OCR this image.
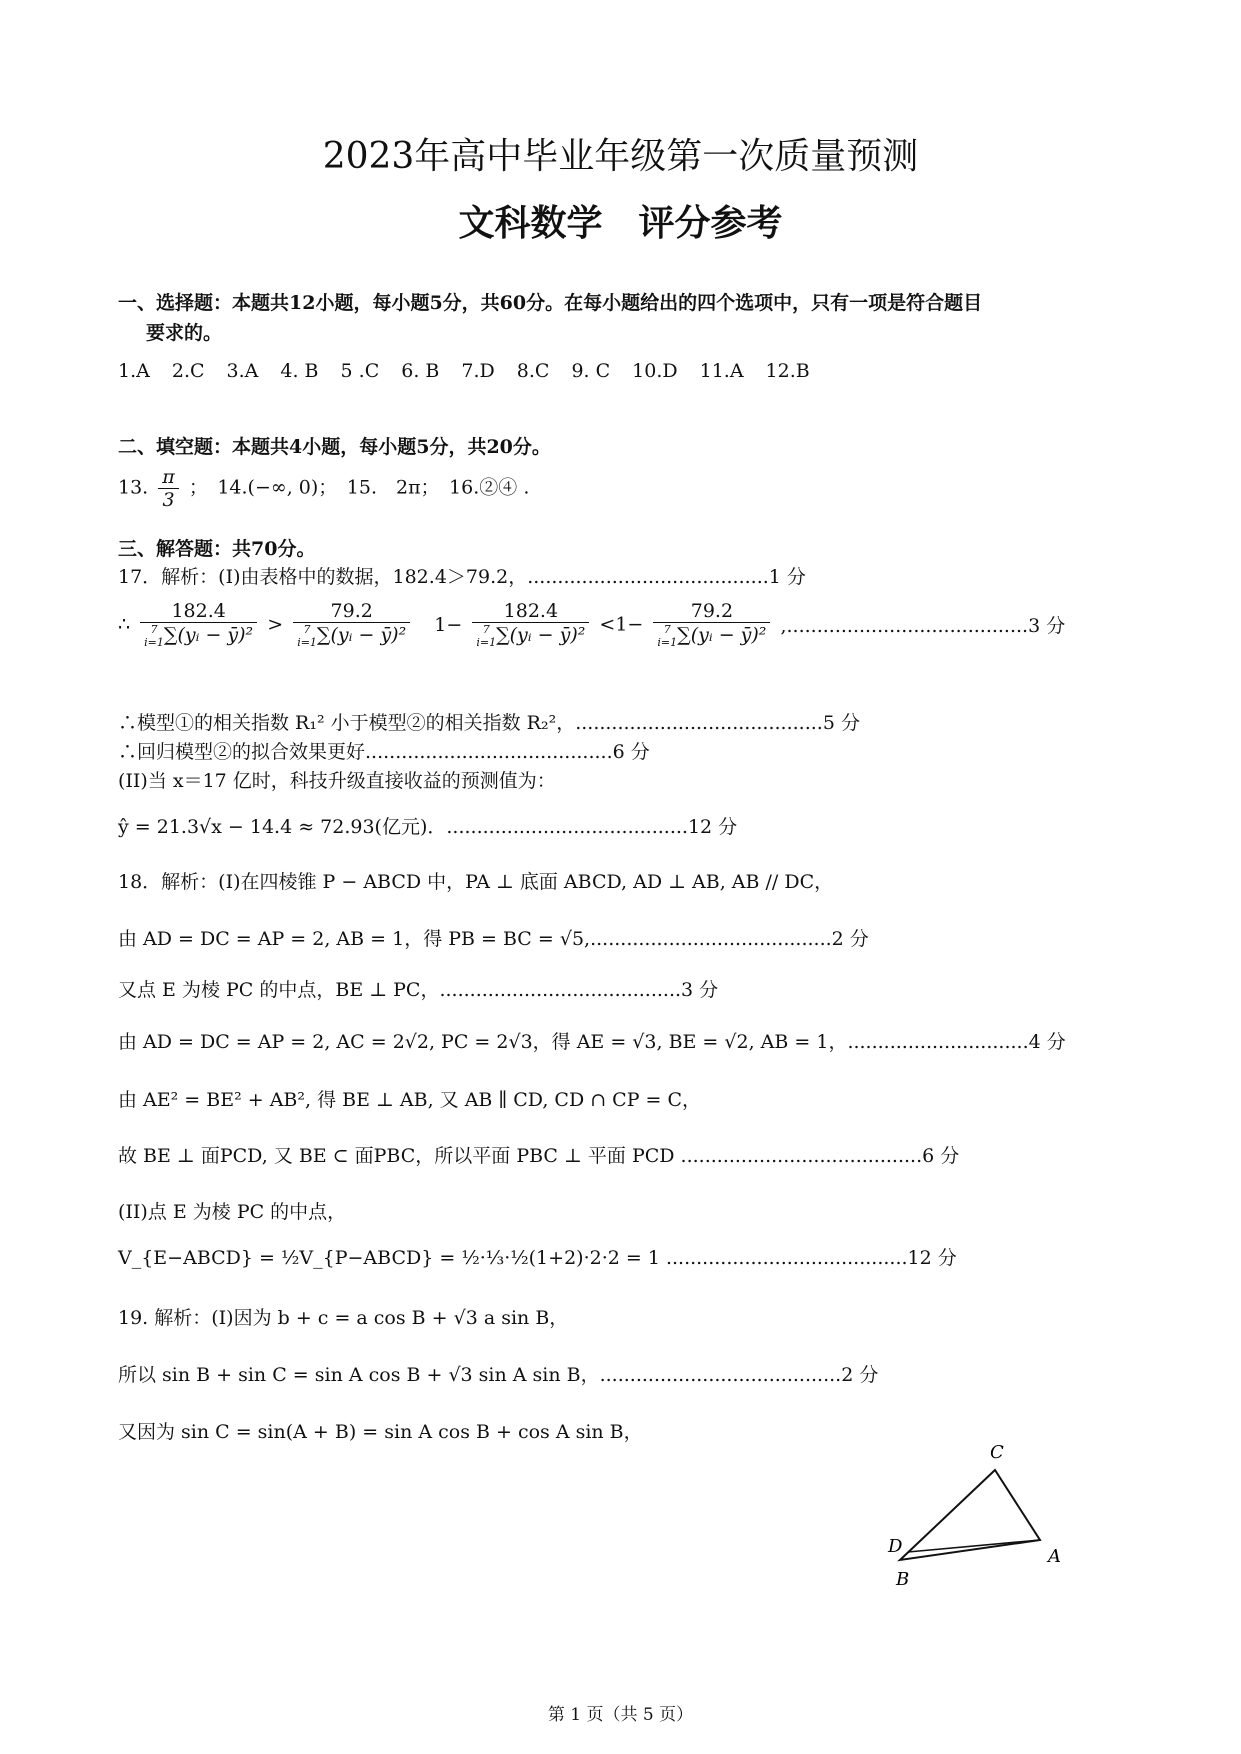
2023年高中毕业年级第一次质量预测
文科数学　评分参考
一、选择题：本题共12小题，每小题5分，共60分。在每小题给出的四个选项中，只有一项是符合题目
要求的。
1.A 2.C 3.A 4. B 5 .C 6. B 7.D 8.C 9. C 10.D 11.A 12.B
二、填空题：本题共4小题，每小题5分，共20分。
13. $\frac{\pi}{3}$ ；　14.(−∞, 0)；　15.　2π；　16.②④ .
三、解答题：共70分。
17．解析：(I)由表格中的数据，182.4＞79.2，........................................1 分
∴ 182.4
7
i=1 ∑(yᵢ − ȳ)² > 79.2
7
i=1 ∑(yᵢ − ȳ)² 1− 182.4
7
i=1 ∑(yᵢ − ȳ)² <1− 79.2
7
i=1 ∑(yᵢ − ȳ)² ,........................................3 分
∴模型①的相关指数 R₁² 小于模型②的相关指数 R₂²，.........................................5 分
∴回归模型②的拟合效果更好.........................................6 分
(II)当 x＝17 亿时，科技升级直接收益的预测值为：
ŷ = 21.3√x − 14.4 ≈ 72.93(亿元)．........................................12 分
18．解析：(I)在四棱锥 P − ABCD 中，PA ⊥ 底面 ABCD, AD ⊥ AB, AB // DC，
由 AD = DC = AP = 2, AB = 1，得 PB = BC = √5,........................................2 分
又点 E 为棱 PC 的中点，BE ⊥ PC，........................................3 分
由 AD = DC = AP = 2, AC = 2√2, PC = 2√3，得 AE = √3, BE = √2, AB = 1，..............................4 分
由 AE² = BE² + AB², 得 BE ⊥ AB, 又 AB ∥ CD, CD ∩ CP = C，
故 BE ⊥ 面PCD, 又 BE ⊂ 面PBC，所以平面 PBC ⊥ 平面 PCD ........................................6 分
(II)点 E 为棱 PC 的中点，
V_{E−ABCD} = ½V_{P−ABCD} = ½·⅓·½(1+2)·2·2 = 1 ........................................12 分
19. 解析：(I)因为 b + c = a cos B + √3 a sin B，
所以 sin B + sin C = sin A cos B + √3 sin A sin B，........................................2 分
又因为 sin C = sin(A + B) = sin A cos B + cos A sin B，
C
D
B
A
第 1 页（共 5 页）
